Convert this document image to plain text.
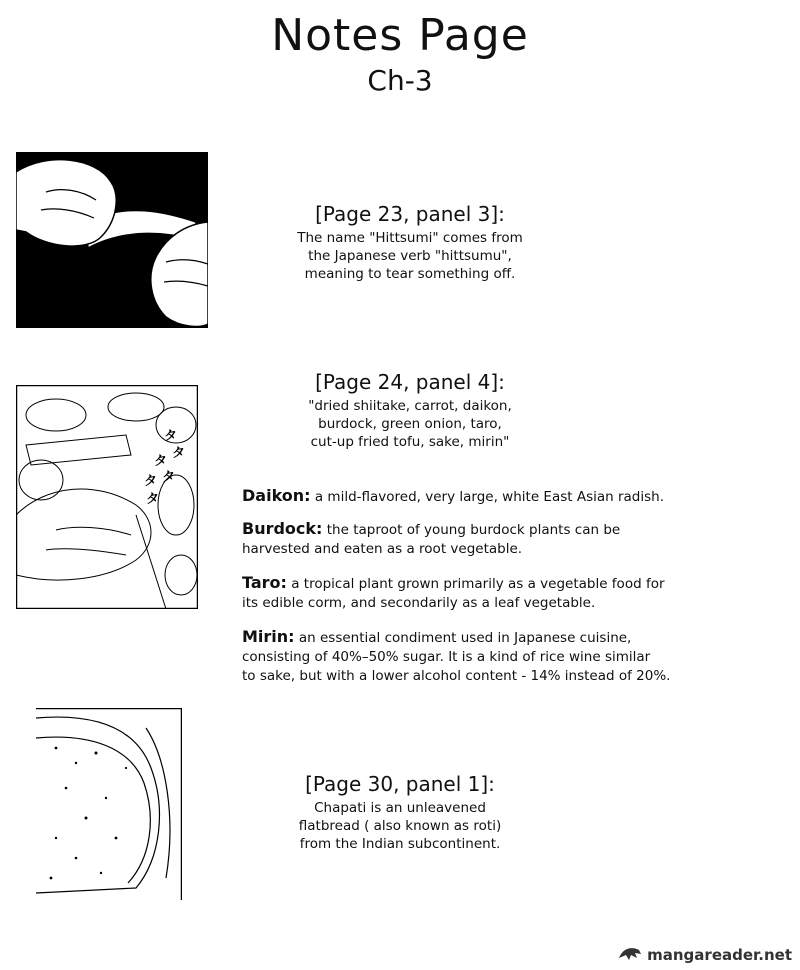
Notes Page
Ch-3
タ
タ
タ
タ
タ
タ
[Page 23, panel 3]:
The name "Hittsumi" comes from
the Japanese verb "hittsumu",
meaning to tear something off.
[Page 24, panel 4]:
"dried shiitake, carrot, daikon,
burdock, green onion, taro,
cut-up fried tofu, sake, mirin"
Daikon: a mild-flavored, very large, white East Asian radish.
Burdock: the taproot of young burdock plants can be
harvested and eaten as a root vegetable.
Taro: a tropical plant grown primarily as a vegetable food for
its edible corm, and secondarily as a leaf vegetable.
Mirin: an essential condiment used in Japanese cuisine,
consisting of 40%–50% sugar. It is a kind of rice wine similar
to sake, but with a lower alcohol content - 14% instead of 20%.
[Page 30, panel 1]:
Chapati is an unleavened
flatbread ( also known as roti)
from the Indian subcontinent.
mangareader.net
